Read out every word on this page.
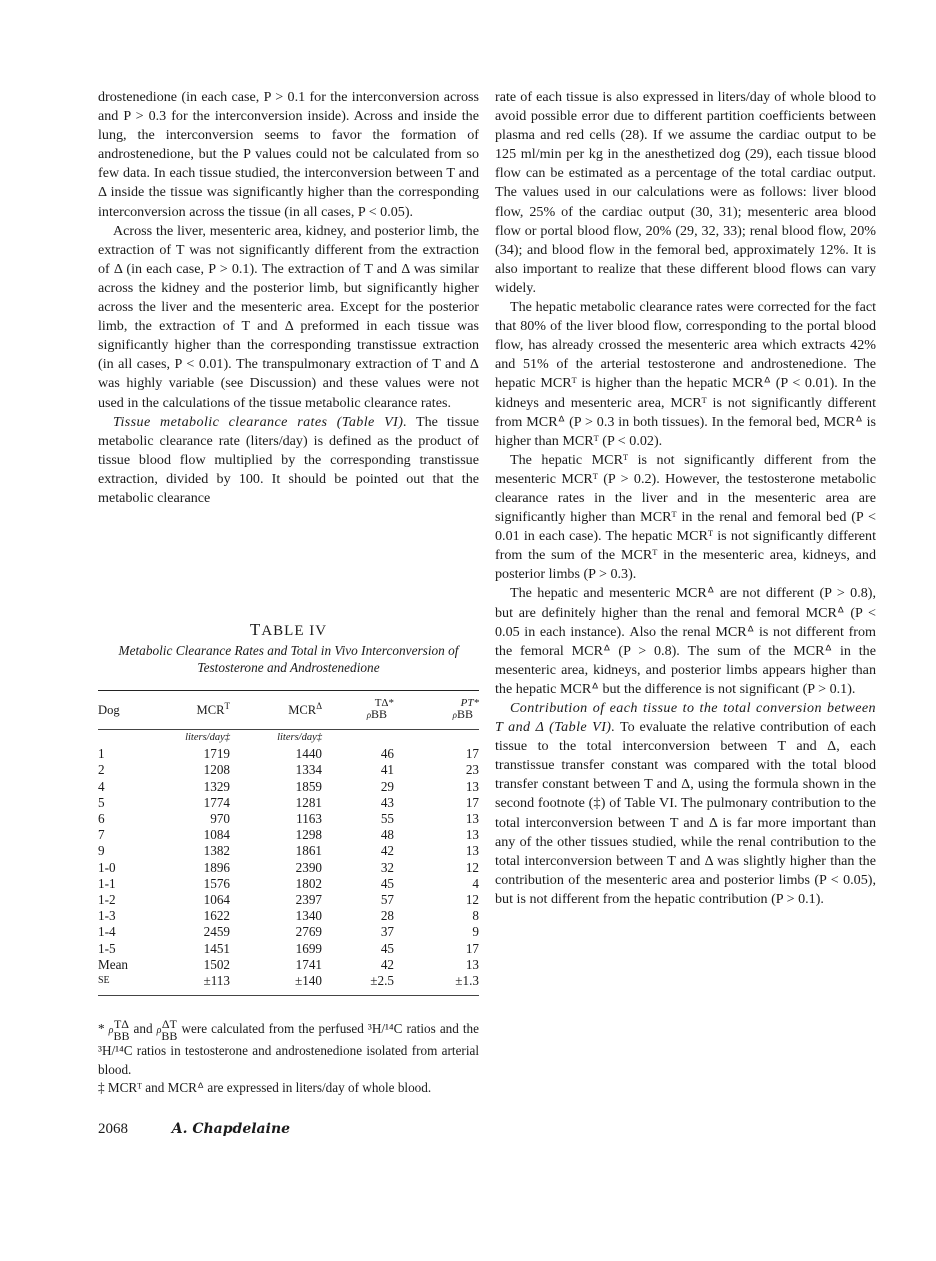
drostenedione (in each case, P > 0.1 for the interconversion across and P > 0.3 for the interconversion inside). Across and inside the lung, the interconversion seems to favor the formation of androstenedione, but the P values could not be calculated from so few data. In each tissue studied, the interconversion between T and Δ inside the tissue was significantly higher than the corresponding interconversion across the tissue (in all cases, P < 0.05).

Across the liver, mesenteric area, kidney, and posterior limb, the extraction of T was not significantly different from the extraction of Δ (in each case, P > 0.1). The extraction of T and Δ was similar across the kidney and the posterior limb, but significantly higher across the liver and the mesenteric area. Except for the posterior limb, the extraction of T and Δ preformed in each tissue was significantly higher than the corresponding transtissue extraction (in all cases, P < 0.01). The transpulmonary extraction of T and Δ was highly variable (see Discussion) and these values were not used in the calculations of the tissue metabolic clearance rates.

Tissue metabolic clearance rates (Table VI). The tissue metabolic clearance rate (liters/day) is defined as the product of tissue blood flow multiplied by the corresponding transtissue extraction, divided by 100. It should be pointed out that the metabolic clearance

TABLE IV

Metabolic Clearance Rates and Total in Vivo Interconversion of Testosterone and Androstenedione

Dog	$MCR^T$	$MCR^\Delta$	TΔ*
ρBB	PT*
ρBB

	liters/day‡	liters/day‡		
1	1719	1440	46	17
2	1208	1334	41	23
4	1329	1859	29	13
5	1774	1281	43	17
6	970	1163	55	13
7	1084	1298	48	13
9	1382	1861	42	13
1-0	1896	2390	32	12
1-1	1576	1802	45	4
1-2	1064	2397	57	12
1-3	1622	1340	28	8
1-4	2459	2769	37	9
1-5	1451	1699	45	17
Mean	1502	1741	42	13
SE	±113	±140	±2.5	±1.3

* ρ TΔ
BB and ρ ΔT
BB were calculated from the perfused ³H/¹⁴C ratios and the ³H/¹⁴C ratios in testosterone and androstenedione isolated from arterial blood.

‡ MCRᵀ and MCRᐞ are expressed in liters/day of whole blood.

rate of each tissue is also expressed in liters/day of whole blood to avoid possible error due to different partition coefficients between plasma and red cells (28). If we assume the cardiac output to be 125 ml/min per kg in the anesthetized dog (29), each tissue blood flow can be estimated as a percentage of the total cardiac output. The values used in our calculations were as follows: liver blood flow, 25% of the cardiac output (30, 31); mesenteric area blood flow or portal blood flow, 20% (29, 32, 33); renal blood flow, 20% (34); and blood flow in the femoral bed, approximately 12%. It is also important to realize that these different blood flows can vary widely.

The hepatic metabolic clearance rates were corrected for the fact that 80% of the liver blood flow, corresponding to the portal blood flow, has already crossed the mesenteric area which extracts 42% and 51% of the arterial testosterone and androstenedione. The hepatic MCRᵀ is higher than the hepatic MCRᐞ (P < 0.01). In the kidneys and mesenteric area, MCRᵀ is not significantly different from MCRᐞ (P > 0.3 in both tissues). In the femoral bed, MCRᐞ is higher than MCRᵀ (P < 0.02).

The hepatic MCRᵀ is not significantly different from the mesenteric MCRᵀ (P > 0.2). However, the testosterone metabolic clearance rates in the liver and in the mesenteric area are significantly higher than MCRᵀ in the renal and femoral bed (P < 0.01 in each case). The hepatic MCRᵀ is not significantly different from the sum of the MCRᵀ in the mesenteric area, kidneys, and posterior limbs (P > 0.3).

The hepatic and mesenteric MCRᐞ are not different (P > 0.8), but are definitely higher than the renal and femoral MCRᐞ (P < 0.05 in each instance). Also the renal MCRᐞ is not different from the femoral MCRᐞ (P > 0.8). The sum of the MCRᐞ in the mesenteric area, kidneys, and posterior limbs appears higher than the hepatic MCRᐞ but the difference is not significant (P > 0.1).

Contribution of each tissue to the total conversion between T and Δ (Table VI). To evaluate the relative contribution of each tissue to the total interconversion between T and Δ, each transtissue transfer constant was compared with the total blood transfer constant between T and Δ, using the formula shown in the second footnote (‡) of Table VI. The pulmonary contribution to the total interconversion between T and Δ is far more important than any of the other tissues studied, while the renal contribution to the total interconversion between T and Δ was slightly higher than the contribution of the mesenteric area and posterior limbs (P < 0.05), but is not different from the hepatic contribution (P > 0.1).

2068	A. Chapdelaine
